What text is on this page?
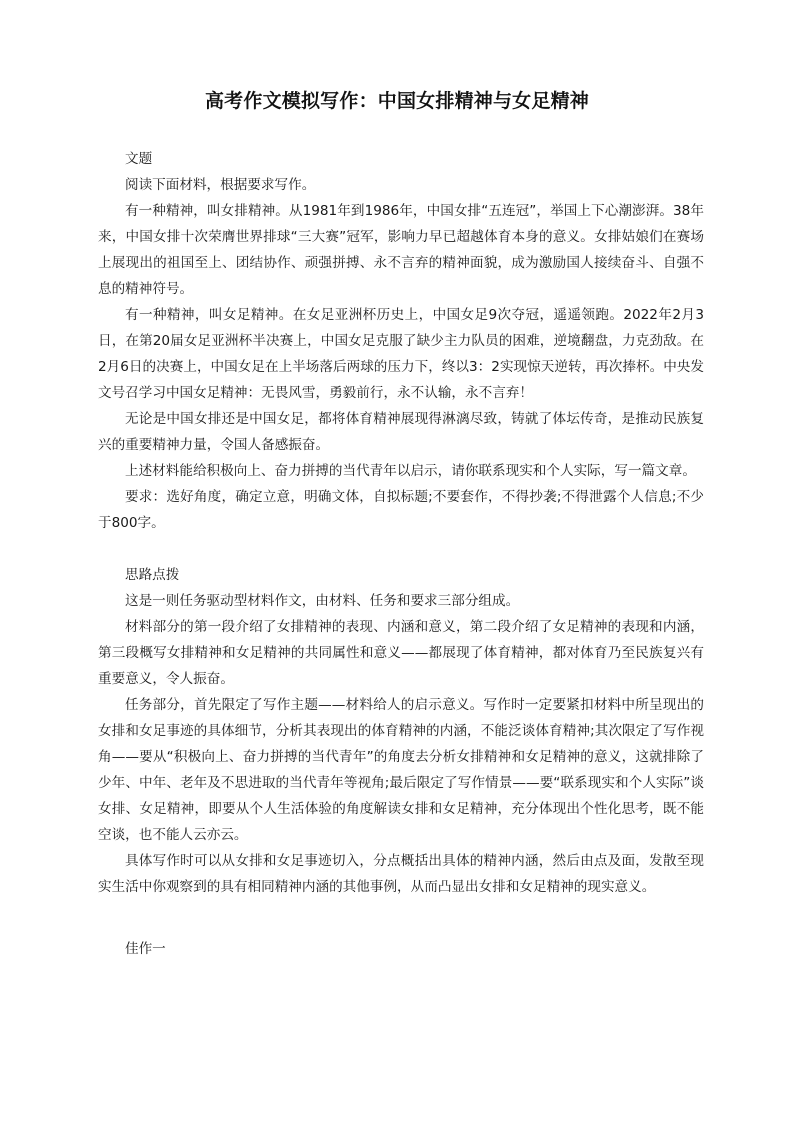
高考作文模拟写作：中国女排精神与女足精神
文题

阅读下面材料，根据要求写作。

有一种精神，叫女排精神。从1981年到1986年，中国女排“五连冠”，举国上下心潮澎湃。38年来，中国女排十次荣膺世界排球“三大赛”冠军，影响力早已超越体育本身的意义。女排姑娘们在赛场上展现出的祖国至上、团结协作、顽强拼搏、永不言弃的精神面貌，成为激励国人接续奋斗、自强不息的精神符号。

有一种精神，叫女足精神。在女足亚洲杯历史上，中国女足9次夺冠，遥遥领跑。2022年2月3日，在第20届女足亚洲杯半决赛上，中国女足克服了缺少主力队员的困难，逆境翻盘，力克劲敌。在2月6日的决赛上，中国女足在上半场落后两球的压力下，终以3：2实现惊天逆转，再次捧杯。中央发文号召学习中国女足精神：无畏风雪，勇毅前行，永不认输，永不言弃！

无论是中国女排还是中国女足，都将体育精神展现得淋漓尽致，铸就了体坛传奇，是推动民族复兴的重要精神力量，令国人备感振奋。

上述材料能给积极向上、奋力拼搏的当代青年以启示，请你联系现实和个人实际，写一篇文章。

要求：选好角度，确定立意，明确文体，自拟标题;不要套作，不得抄袭;不得泄露个人信息;不少于800字。

思路点拨

这是一则任务驱动型材料作文，由材料、任务和要求三部分组成。

材料部分的第一段介绍了女排精神的表现、内涵和意义，第二段介绍了女足精神的表现和内涵，第三段概写女排精神和女足精神的共同属性和意义——都展现了体育精神，都对体育乃至民族复兴有重要意义，令人振奋。

任务部分，首先限定了写作主题——材料给人的启示意义。写作时一定要紧扣材料中所呈现出的女排和女足事迹的具体细节，分析其表现出的体育精神的内涵，不能泛谈体育精神;其次限定了写作视角——要从“积极向上、奋力拼搏的当代青年”的角度去分析女排精神和女足精神的意义，这就排除了少年、中年、老年及不思进取的当代青年等视角;最后限定了写作情景——要“联系现实和个人实际”谈女排、女足精神，即要从个人生活体验的角度解读女排和女足精神，充分体现出个性化思考，既不能空谈，也不能人云亦云。

具体写作时可以从女排和女足事迹切入，分点概括出具体的精神内涵，然后由点及面，发散至现实生活中你观察到的具有相同精神内涵的其他事例，从而凸显出女排和女足精神的现实意义。

佳作一
